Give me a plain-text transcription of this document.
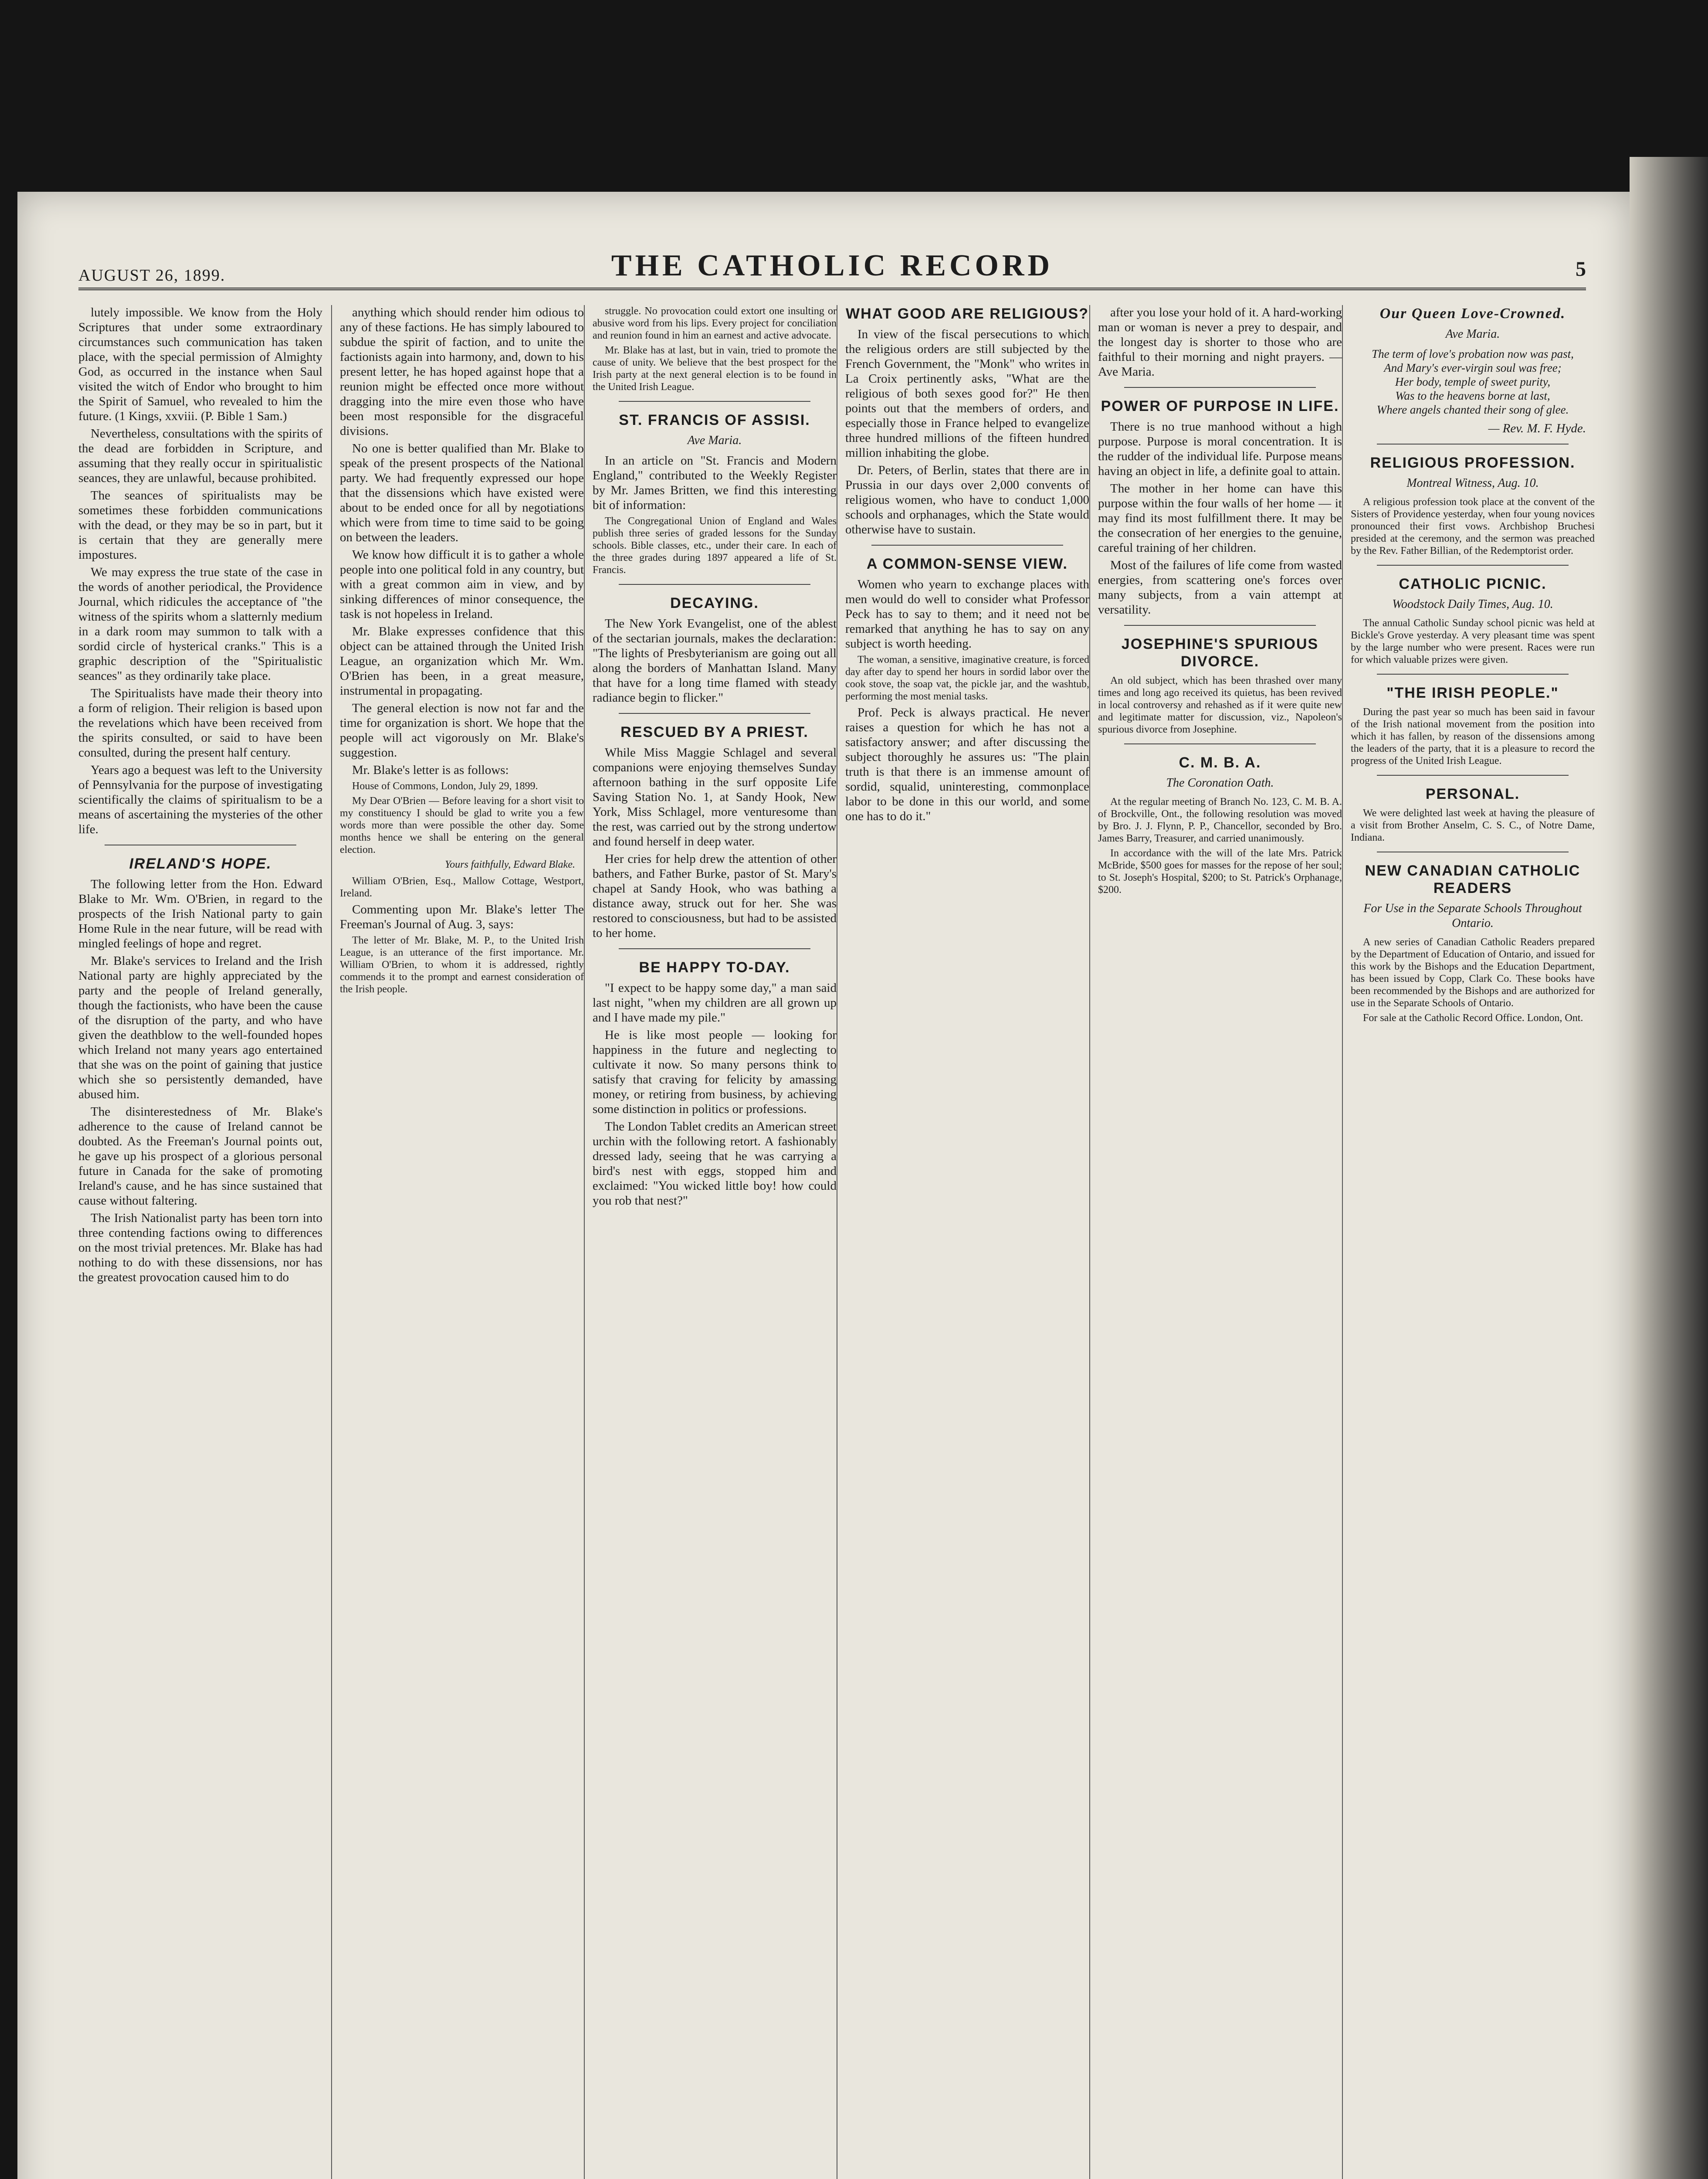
AUGUST 26, 1899.	THE CATHOLIC RECORD	5

lutely impossible. We know from the Holy Scriptures that under some extraordinary circumstances such communication has taken place, with the special permission of Almighty God, as occurred in the instance when Saul visited the witch of Endor who brought to him the Spirit of Samuel, who revealed to him the future. (1 Kings, xxviii. (P. Bible 1 Sam.)

Nevertheless, consultations with the spirits of the dead are forbidden in Scripture, and assuming that they really occur in spiritualistic seances, they are unlawful, because prohibited.

The seances of spiritualists may be sometimes these forbidden communications with the dead, or they may be so in part, but it is certain that they are generally mere impostures.

We may express the true state of the case in the words of another periodical, the Providence Journal, which ridicules the acceptance of "the witness of the spirits whom a slatternly medium in a dark room may summon to talk with a sordid circle of hysterical cranks." This is a graphic description of the "Spiritualistic seances" as they ordinarily take place.

The Spiritualists have made their theory into a form of religion. Their religion is based upon the revelations which have been received from the spirits consulted, or said to have been consulted, during the present half century.

Years ago a bequest was left to the University of Pennsylvania for the purpose of investigating scientifically the claims of spiritualism to be a means of ascertaining the mysteries of the other life.

IRELAND'S HOPE.

The following letter from the Hon. Edward Blake to Mr. Wm. O'Brien, in regard to the prospects of the Irish National party to gain Home Rule in the near future, will be read with mingled feelings of hope and regret.

Mr. Blake's services to Ireland and the Irish National party are highly appreciated by the party and the people of Ireland generally, though the factionists, who have been the cause of the disruption of the party, and who have given the deathblow to the well-founded hopes which Ireland not many years ago entertained that she was on the point of gaining that justice which she so persistently demanded, have abused him.

The disinterestedness of Mr. Blake's adherence to the cause of Ireland cannot be doubted. As the Freeman's Journal points out, he gave up his prospect of a glorious personal future in Canada for the sake of promoting Ireland's cause, and he has since sustained that cause without faltering.

The Irish Nationalist party has been torn into three contending factions owing to differences on the most trivial pretences. Mr. Blake has had nothing to do with these dissensions, nor has the greatest provocation caused him to do

anything which should render him odious to any of these factions. He has simply laboured to subdue the spirit of faction, and to unite the factionists again into harmony, and, down to his present letter, he has hoped against hope that a reunion might be effected once more without dragging into the mire even those who have been most responsible for the disgraceful divisions.

No one is better qualified than Mr. Blake to speak of the present prospects of the National party. We had frequently expressed our hope that the dissensions which have existed were about to be ended once for all by negotiations which were from time to time said to be going on between the leaders.

We know how difficult it is to gather a whole people into one political fold in any country, but with a great common aim in view, and by sinking differences of minor consequence, the task is not hopeless in Ireland.

Mr. Blake expresses confidence that this object can be attained through the United Irish League, an organization which Mr. Wm. O'Brien has been, in a great measure, instrumental in propagating.

The general election is now not far and the time for organization is short. We hope that the people will act vigorously on Mr. Blake's suggestion.

Mr. Blake's letter is as follows:

House of Commons, London, July 29, 1899.

My Dear O'Brien — Before leaving for a short visit to my constituency I should be glad to write you a few words more than were possible the other day. Some months hence we shall be entering on the general election.

Yours faithfully, Edward Blake.

William O'Brien, Esq., Mallow Cottage, Westport, Ireland.

Commenting upon Mr. Blake's letter The Freeman's Journal of Aug. 3, says:

The letter of Mr. Blake, M. P., to the United Irish League, is an utterance of the first importance. Mr. William O'Brien, to whom it is addressed, rightly commends it to the prompt and earnest consideration of the Irish people.

struggle. No provocation could extort one insulting or abusive word from his lips. Every project for conciliation and reunion found in him an earnest and active advocate.

Mr. Blake has at last, but in vain, tried to promote the cause of unity. We believe that the best prospect for the Irish party at the next general election is to be found in the United Irish League.

ST. FRANCIS OF ASSISI.
Ave Maria.

In an article on "St. Francis and Modern England," contributed to the Weekly Register by Mr. James Britten, we find this interesting bit of information:

The Congregational Union of England and Wales publish three series of graded lessons for the Sunday schools. Bible classes, etc., under their care. In each of the three grades during 1897 appeared a life of St. Francis.

DECAYING.

The New York Evangelist, one of the ablest of the sectarian journals, makes the declaration: "The lights of Presbyterianism are going out all along the borders of Manhattan Island. Many that have for a long time flamed with steady radiance begin to flicker."

RESCUED BY A PRIEST.

While Miss Maggie Schlagel and several companions were enjoying themselves Sunday afternoon bathing in the surf opposite Life Saving Station No. 1, at Sandy Hook, New York, Miss Schlagel, more venturesome than the rest, was carried out by the strong undertow and found herself in deep water.

Her cries for help drew the attention of other bathers, and Father Burke, pastor of St. Mary's chapel at Sandy Hook, who was bathing a distance away, struck out for her. She was restored to consciousness, but had to be assisted to her home.

BE HAPPY TO-DAY.

"I expect to be happy some day," a man said last night, "when my children are all grown up and I have made my pile."

He is like most people — looking for happiness in the future and neglecting to cultivate it now. So many persons think to satisfy that craving for felicity by amassing money, or retiring from business, by achieving some distinction in politics or professions.

The London Tablet credits an American street urchin with the following retort. A fashionably dressed lady, seeing that he was carrying a bird's nest with eggs, stopped him and exclaimed: "You wicked little boy! how could you rob that nest?"

WHAT GOOD ARE RELIGIOUS?

In view of the fiscal persecutions to which the religious orders are still subjected by the French Government, the "Monk" who writes in La Croix pertinently asks, "What are the religious of both sexes good for?" He then points out that the members of orders, and especially those in France helped to evangelize three hundred millions of the fifteen hundred million inhabiting the globe.

Dr. Peters, of Berlin, states that there are in Prussia in our days over 2,000 convents of religious women, who have to conduct 1,000 schools and orphanages, which the State would otherwise have to sustain.

A COMMON-SENSE VIEW.

Women who yearn to exchange places with men would do well to consider what Professor Peck has to say to them; and it need not be remarked that anything he has to say on any subject is worth heeding.

The woman, a sensitive, imaginative creature, is forced day after day to spend her hours in sordid labor over the cook stove, the soap vat, the pickle jar, and the washtub, performing the most menial tasks.

Prof. Peck is always practical. He never raises a question for which he has not a satisfactory answer; and after discussing the subject thoroughly he assures us: "The plain truth is that there is an immense amount of sordid, squalid, uninteresting, commonplace labor to be done in this our world, and some one has to do it."

after you lose your hold of it. A hard-working man or woman is never a prey to despair, and the longest day is shorter to those who are faithful to their morning and night prayers. — Ave Maria.

POWER OF PURPOSE IN LIFE.

There is no true manhood without a high purpose. Purpose is moral concentration. It is the rudder of the individual life. Purpose means having an object in life, a definite goal to attain.

The mother in her home can have this purpose within the four walls of her home — it may find its most fulfillment there. It may be the consecration of her energies to the genuine, careful training of her children.

Most of the failures of life come from wasted energies, from scattering one's forces over many subjects, from a vain attempt at versatility.

JOSEPHINE'S SPURIOUS DIVORCE.

An old subject, which has been thrashed over many times and long ago received its quietus, has been revived in local controversy and rehashed as if it were quite new and legitimate matter for discussion, viz., Napoleon's spurious divorce from Josephine.

C. M. B. A.
The Coronation Oath.

At the regular meeting of Branch No. 123, C. M. B. A. of Brockville, Ont., the following resolution was moved by Bro. J. J. Flynn, P. P., Chancellor, seconded by Bro. James Barry, Treasurer, and carried unanimously.

In accordance with the will of the late Mrs. Patrick McBride, $500 goes for masses for the repose of her soul; to St. Joseph's Hospital, $200; to St. Patrick's Orphanage, $200.

Our Queen Love-Crowned.
Ave Maria.
The term of love's probation now was past,
And Mary's ever-virgin soul was free;
Her body, temple of sweet purity,
Was to the heavens borne at last,
Where angels chanted their song of glee.
— Rev. M. F. Hyde.
RELIGIOUS PROFESSION.
Montreal Witness, Aug. 10.

A religious profession took place at the convent of the Sisters of Providence yesterday, when four young novices pronounced their first vows. Archbishop Bruchesi presided at the ceremony, and the sermon was preached by the Rev. Father Billian, of the Redemptorist order.

CATHOLIC PICNIC.
Woodstock Daily Times, Aug. 10.

The annual Catholic Sunday school picnic was held at Bickle's Grove yesterday. A very pleasant time was spent by the large number who were present. Races were run for which valuable prizes were given.

"THE IRISH PEOPLE."

During the past year so much has been said in favour of the Irish national movement from the position into which it has fallen, by reason of the dissensions among the leaders of the party, that it is a pleasure to record the progress of the United Irish League.

PERSONAL.

We were delighted last week at having the pleasure of a visit from Brother Anselm, C. S. C., of Notre Dame, Indiana.

NEW CANADIAN CATHOLIC READERS
For Use in the Separate Schools Throughout Ontario.

A new series of Canadian Catholic Readers prepared by the Department of Education of Ontario, and issued for this work by the Bishops and the Education Department, has been issued by Copp, Clark Co. These books have been recommended by the Bishops and are authorized for use in the Separate Schools of Ontario.

For sale at the Catholic Record Office. London, Ont.
